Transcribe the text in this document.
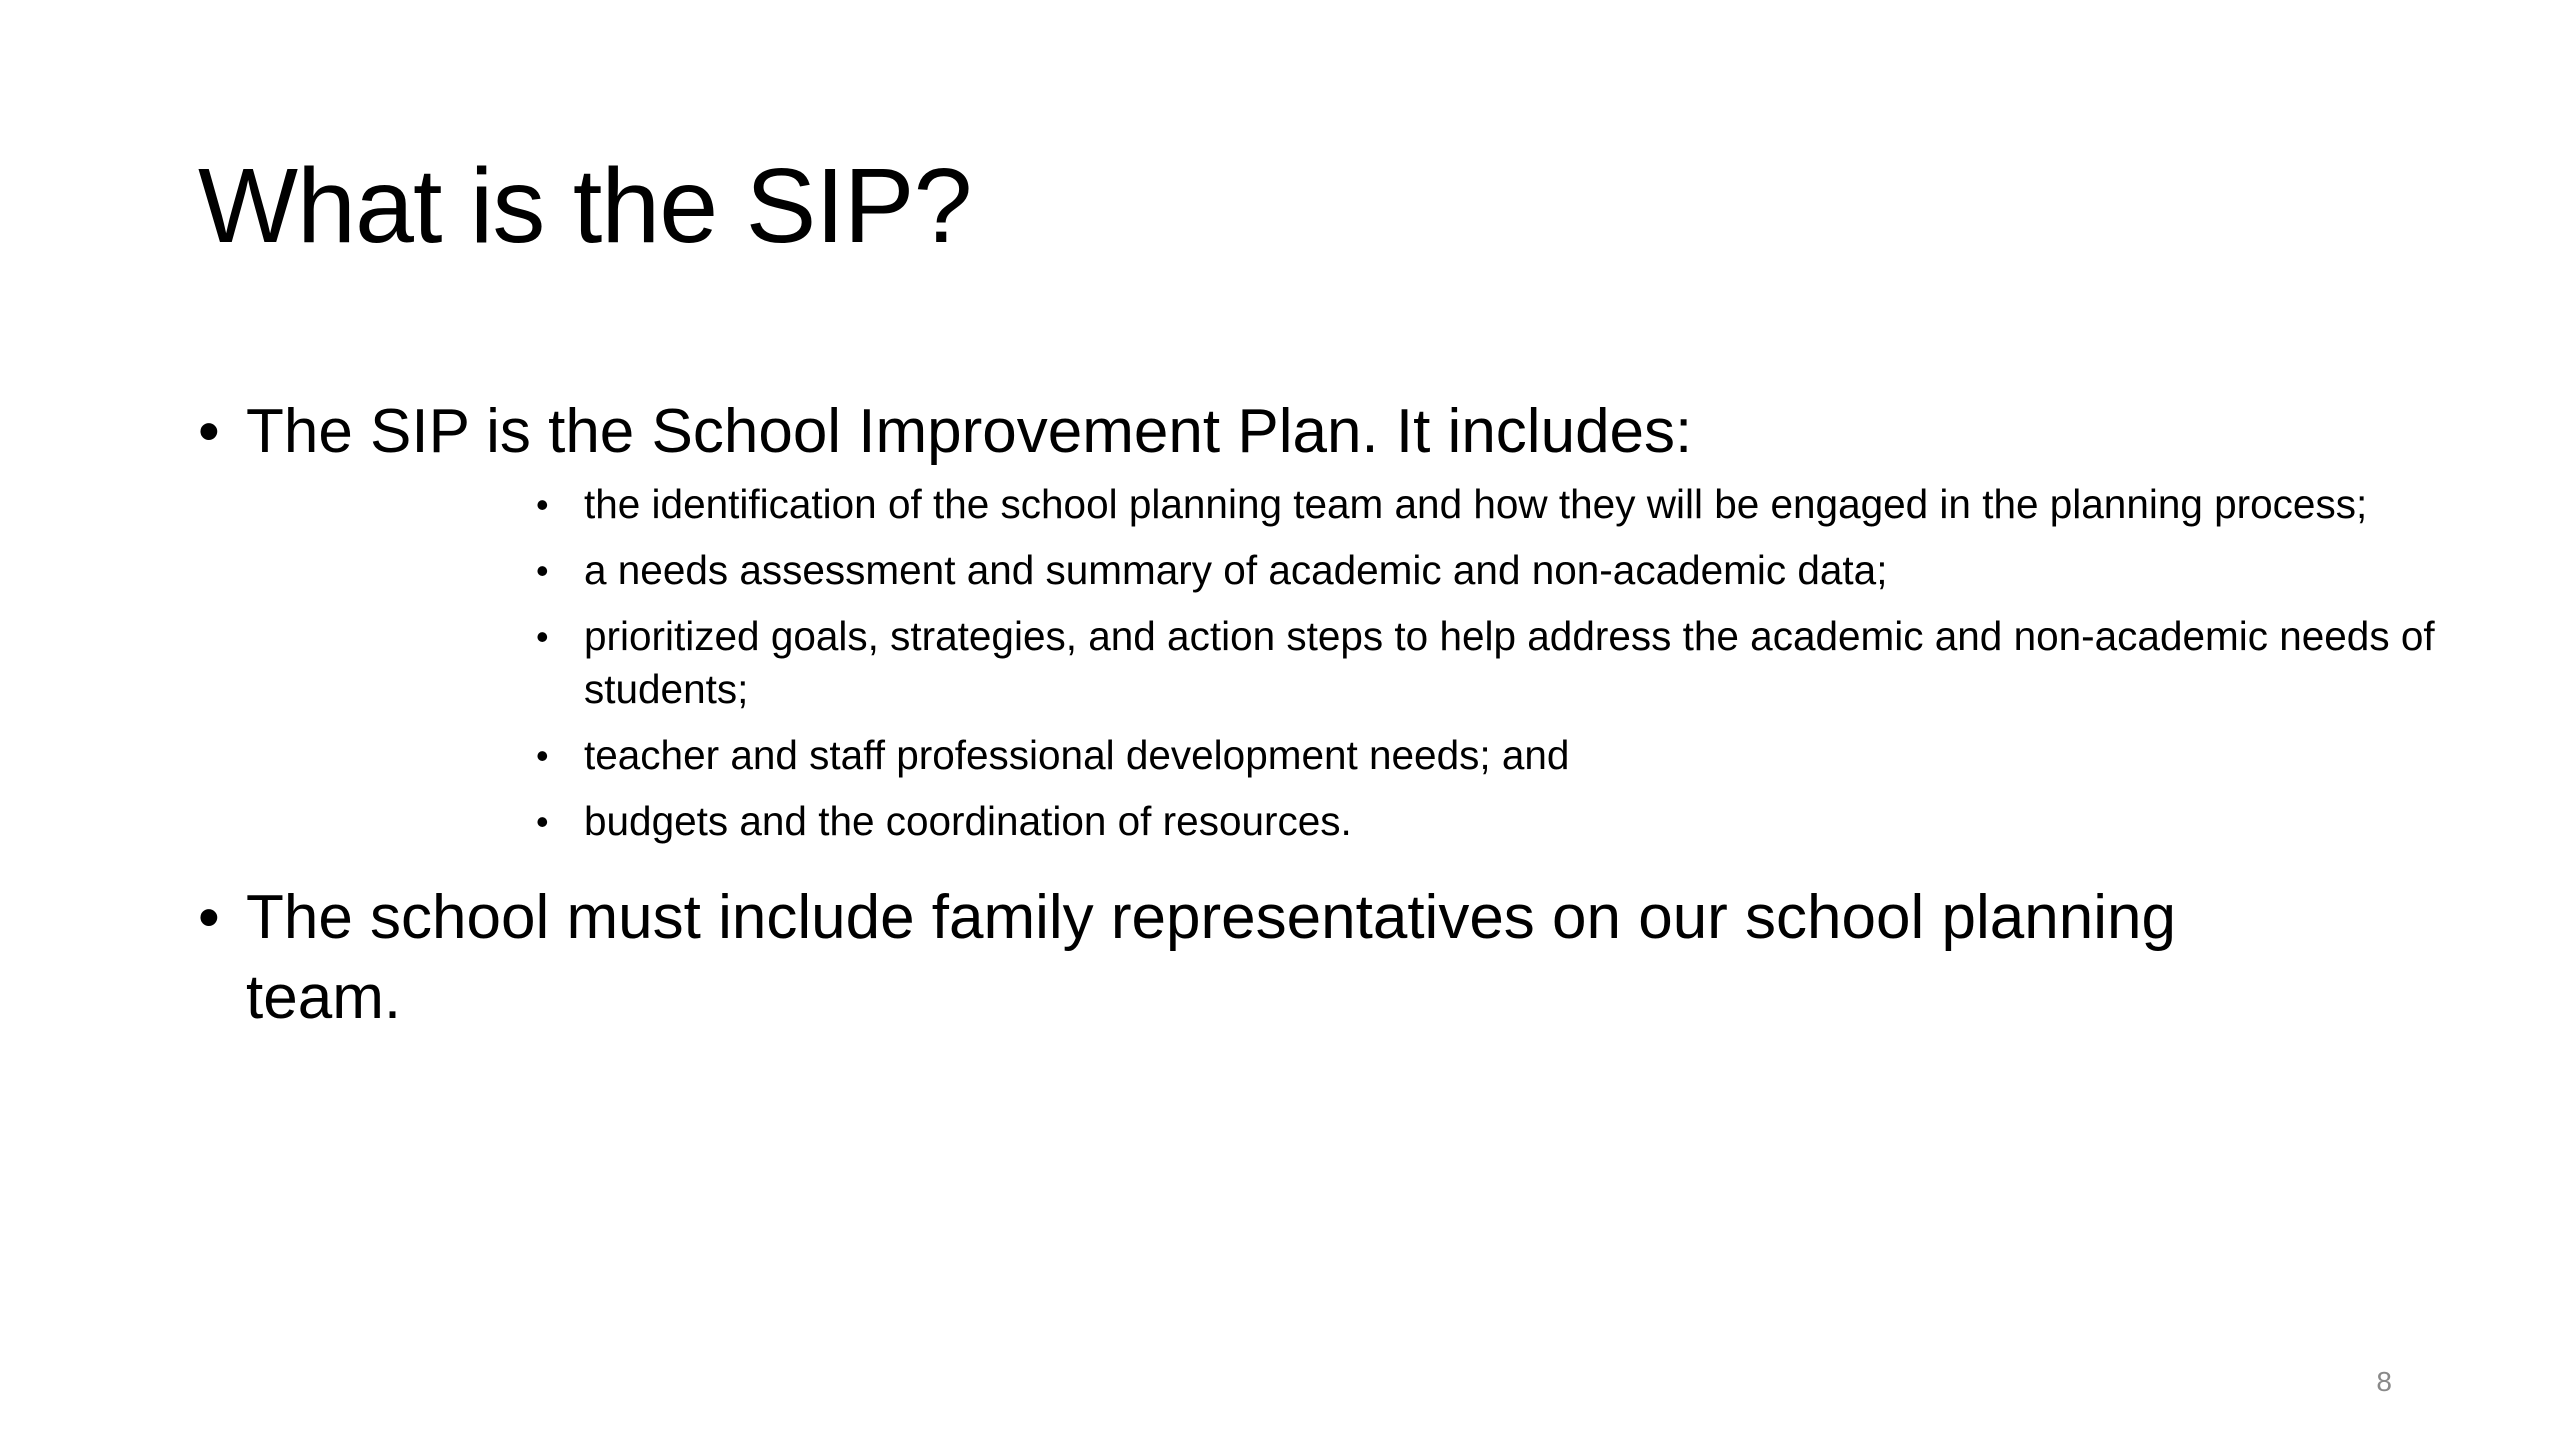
What is the SIP?
• The SIP is the School Improvement Plan. It includes:
• the identification of the school planning team and how they will be engaged in the planning process;
• a needs assessment and summary of academic and non-academic data;
• prioritized goals, strategies, and action steps to help address the academic and non-academic needs of students;
• teacher and staff professional development needs; and
• budgets and the coordination of resources.
• The school must include family representatives on our school planning team.
8
